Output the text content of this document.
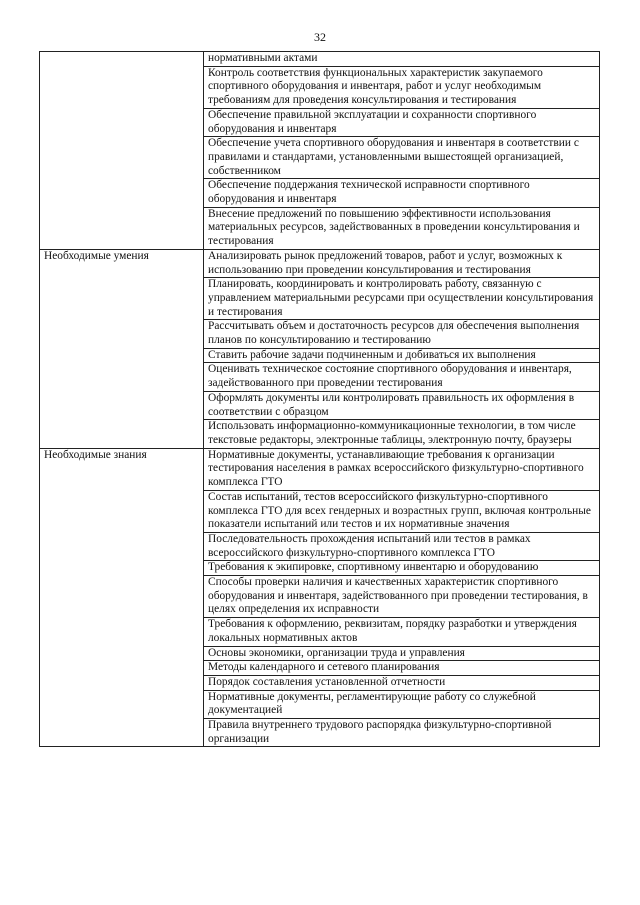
32
	нормативными актами
	Контроль соответствия функциональных характеристик закупаемого спортивного оборудования и инвентаря, работ и услуг необходимым требованиям для проведения консультирования и тестирования
	Обеспечение правильной эксплуатации и сохранности спортивного оборудования и инвентаря
	Обеспечение учета спортивного оборудования и инвентаря в соответствии с правилами и стандартами, установленными вышестоящей организацией, собственником
	Обеспечение поддержания технической исправности спортивного оборудования и инвентаря
	Внесение предложений по повышению эффективности использования материальных ресурсов, задействованных в проведении консультирования и тестирования
Необходимые умения	Анализировать рынок предложений товаров, работ и услуг, возможных к использованию при проведении консультирования и тестирования
	Планировать, координировать и контролировать работу, связанную с управлением материальными ресурсами при осуществлении консультирования и тестирования
	Рассчитывать объем и достаточность ресурсов для обеспечения выполнения планов по консультированию и тестированию
	Ставить рабочие задачи подчиненным и добиваться их выполнения
	Оценивать техническое состояние спортивного оборудования и инвентаря, задействованного при проведении тестирования
	Оформлять документы или контролировать правильность их оформления в соответствии с образцом
	Использовать информационно-коммуникационные технологии, в том числе текстовые редакторы, электронные таблицы, электронную почту, браузеры
Необходимые знания	Нормативные документы, устанавливающие требования к организации тестирования населения в рамках всероссийского физкультурно-спортивного комплекса ГТО
	Состав испытаний, тестов всероссийского физкультурно-спортивного комплекса ГТО для всех гендерных и возрастных групп, включая контрольные показатели испытаний или тестов и их нормативные значения
	Последовательность прохождения испытаний или тестов в рамках всероссийского физкультурно-спортивного комплекса ГТО
	Требования к экипировке, спортивному инвентарю и оборудованию
	Способы проверки наличия и качественных характеристик спортивного оборудования и инвентаря, задействованного при проведении тестирования, в целях определения их исправности
	Требования к оформлению, реквизитам, порядку разработки и утверждения локальных нормативных актов
	Основы экономики, организации труда и управления
	Методы календарного и сетевого планирования
	Порядок составления установленной отчетности
	Нормативные документы, регламентирующие работу со служебной документацией
	Правила внутреннего трудового распорядка физкультурно-спортивной организации
